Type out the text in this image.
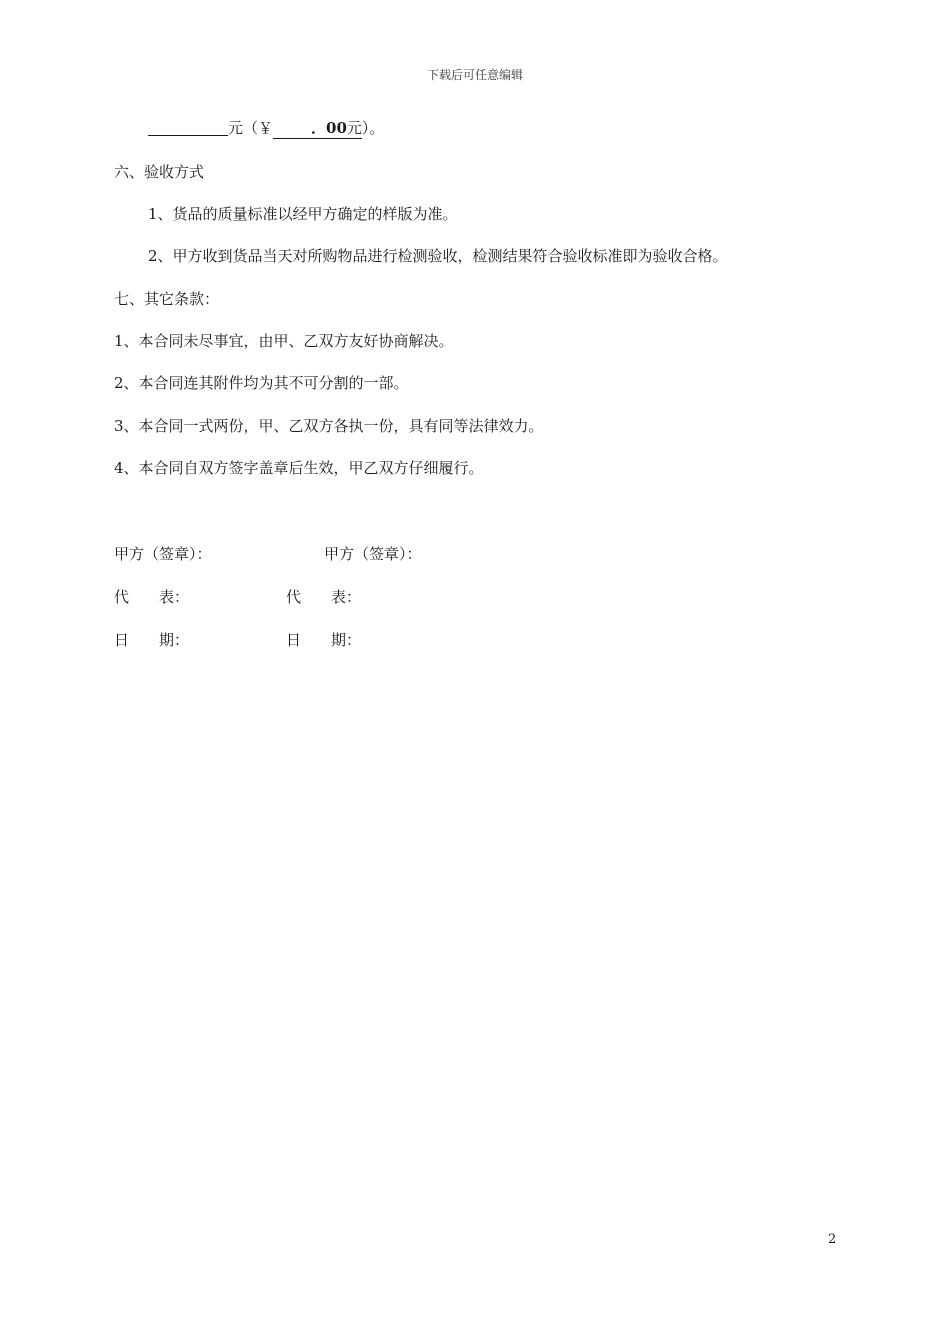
下载后可任意编辑
元（￥	．00元）。
六、验收方式
1、货品的质量标准以经甲方确定的样版为准。
2、甲方收到货品当天对所购物品进行检测验收，检测结果符合验收标准即为验收合格。
七、其它条款：
1、本合同未尽事宜，由甲、乙双方友好协商解决。
2、本合同连其附件均为其不可分割的一部。
3、本合同一式两份，甲、乙双方各执一份，具有同等法律效力。
4、本合同自双方签字盖章后生效，甲乙双方仔细履行。
甲方（签章）：	甲方（签章）：
代　　表：	代　　表：
日　　期：	日　　期：
2
